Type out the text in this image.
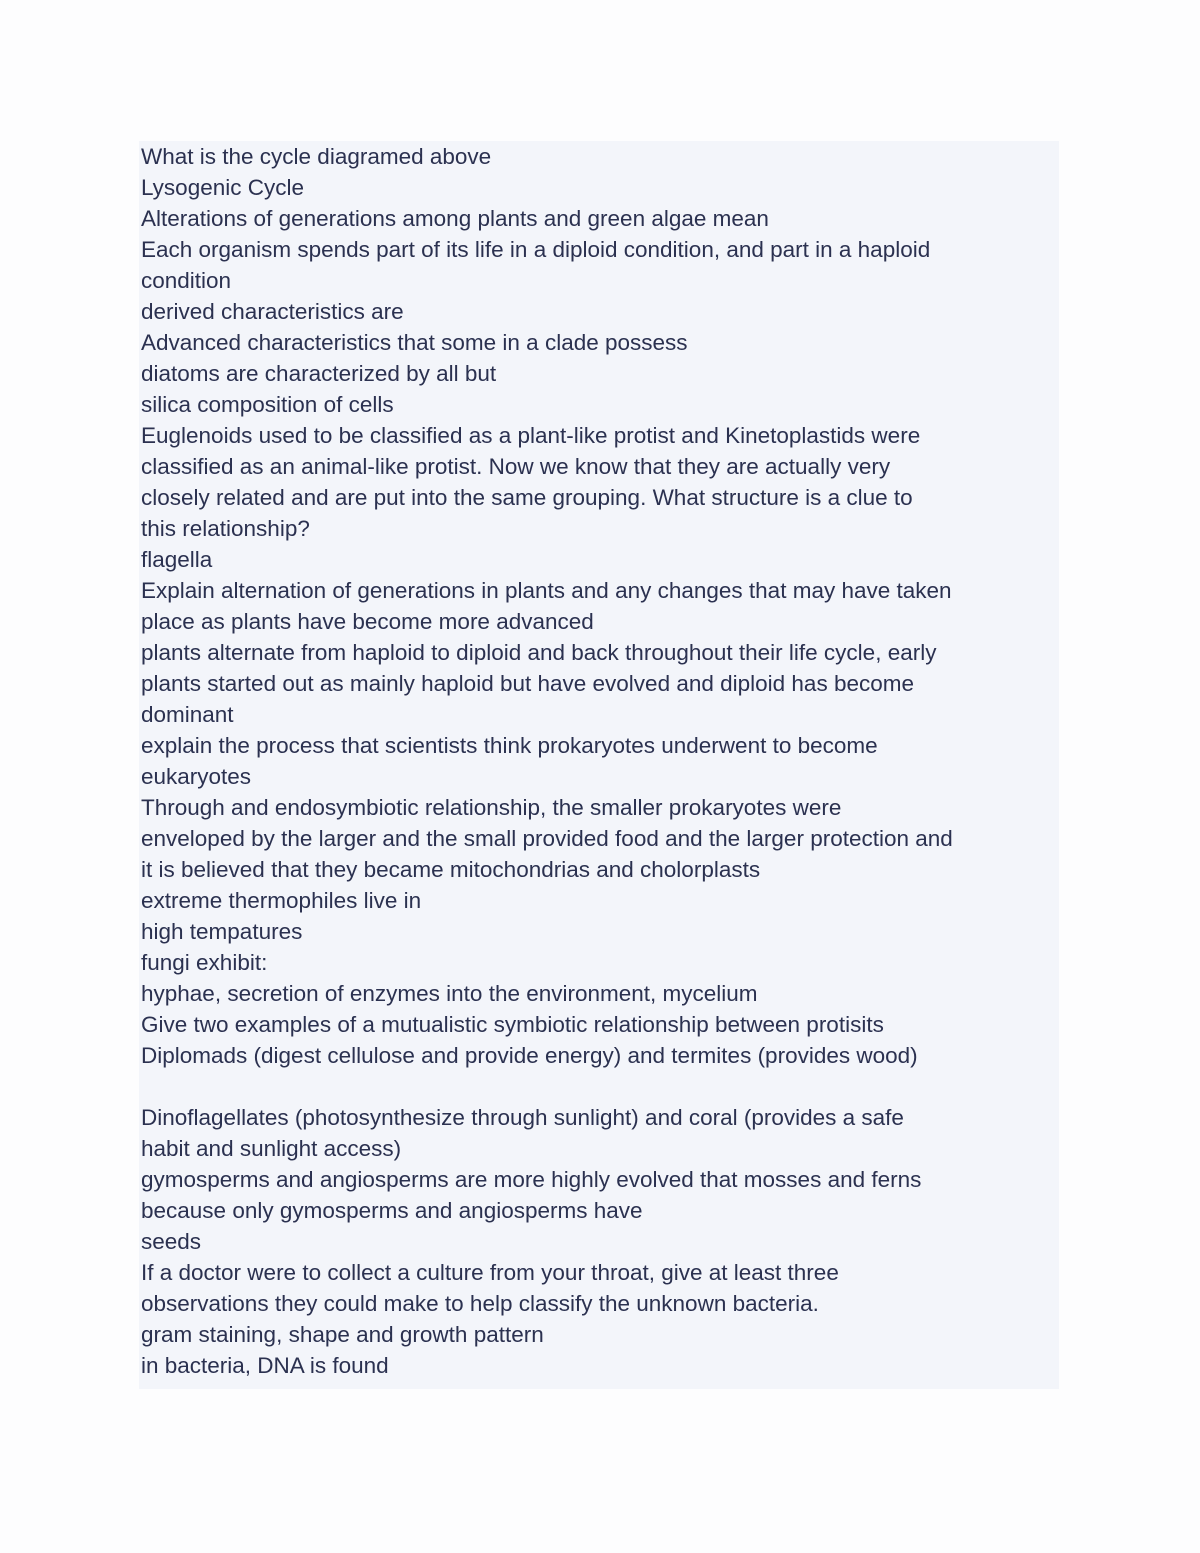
What is the cycle diagramed above
Lysogenic Cycle
Alterations of generations among plants and green algae mean
Each organism spends part of its life in a diploid condition, and part in a haploid
condition
derived characteristics are
Advanced characteristics that some in a clade possess
diatoms are characterized by all but
silica composition of cells
Euglenoids used to be classified as a plant-like protist and Kinetoplastids were
classified as an animal-like protist. Now we know that they are actually very
closely related and are put into the same grouping. What structure is a clue to
this relationship?
flagella
Explain alternation of generations in plants and any changes that may have taken
place as plants have become more advanced
plants alternate from haploid to diploid and back throughout their life cycle, early
plants started out as mainly haploid but have evolved and diploid has become
dominant
explain the process that scientists think prokaryotes underwent to become
eukaryotes
Through and endosymbiotic relationship, the smaller prokaryotes were
enveloped by the larger and the small provided food and the larger protection and
it is believed that they became mitochondrias and cholorplasts
extreme thermophiles live in
high tempatures
fungi exhibit:
hyphae, secretion of enzymes into the environment, mycelium
Give two examples of a mutualistic symbiotic relationship between protisits
Diplomads (digest cellulose and provide energy) and termites (provides wood)
Dinoflagellates (photosynthesize through sunlight) and coral (provides a safe
habit and sunlight access)
gymosperms and angiosperms are more highly evolved that mosses and ferns
because only gymosperms and angiosperms have
seeds
If a doctor were to collect a culture from your throat, give at least three
observations they could make to help classify the unknown bacteria.
gram staining, shape and growth pattern
in bacteria, DNA is found
